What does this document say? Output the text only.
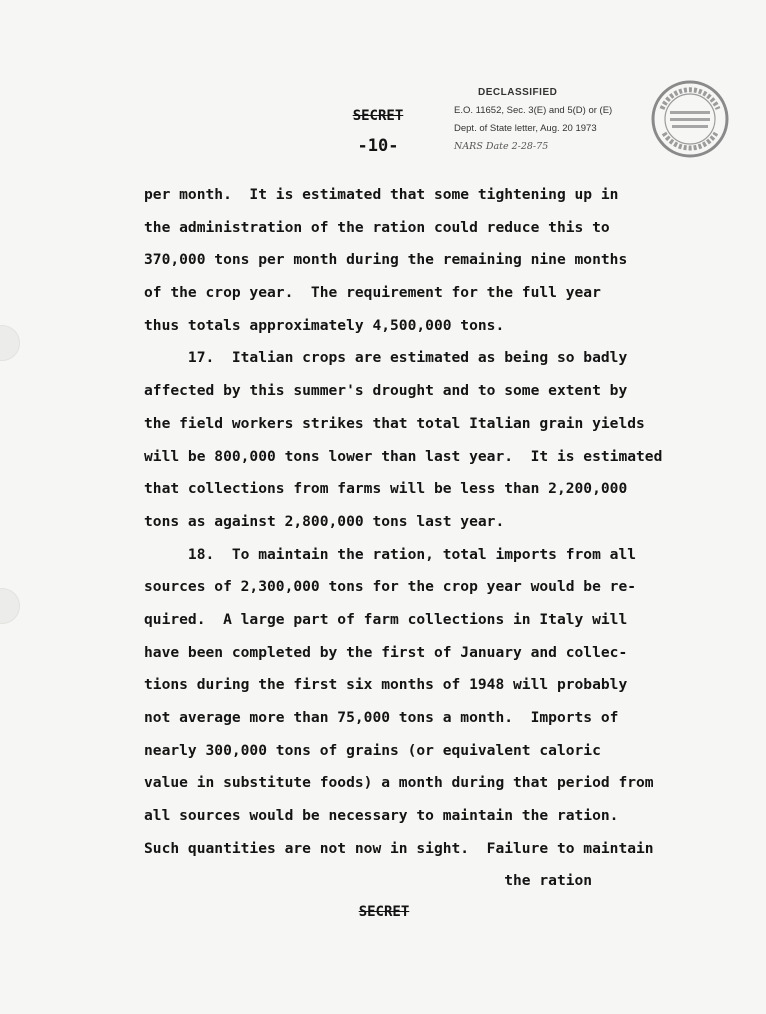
SECRET
-10-
DECLASSIFIED
E.O. 11652, Sec. 3(E) and 5(D) or (E)
Dept. of State letter, Aug. 20 1973
NARS Date 2-28-75
per month.  It is estimated that some tightening up in
the administration of the ration could reduce this to
370,000 tons per month during the remaining nine months
of the crop year.  The requirement for the full year
thus totals approximately 4,500,000 tons.
17.  Italian crops are estimated as being so badly
affected by this summer's drought and to some extent by
the field workers strikes that total Italian grain yields
will be 800,000 tons lower than last year.  It is estimated
that collections from farms will be less than 2,200,000
tons as against 2,800,000 tons last year.
18.  To maintain the ration, total imports from all
sources of 2,300,000 tons for the crop year would be re-
quired.  A large part of farm collections in Italy will
have been completed by the first of January and collec-
tions during the first six months of 1948 will probably
not average more than 75,000 tons a month.  Imports of
nearly 300,000 tons of grains (or equivalent caloric
value in substitute foods) a month during that period from
all sources would be necessary to maintain the ration.
Such quantities are not now in sight.  Failure to maintain
the ration
SECRET
